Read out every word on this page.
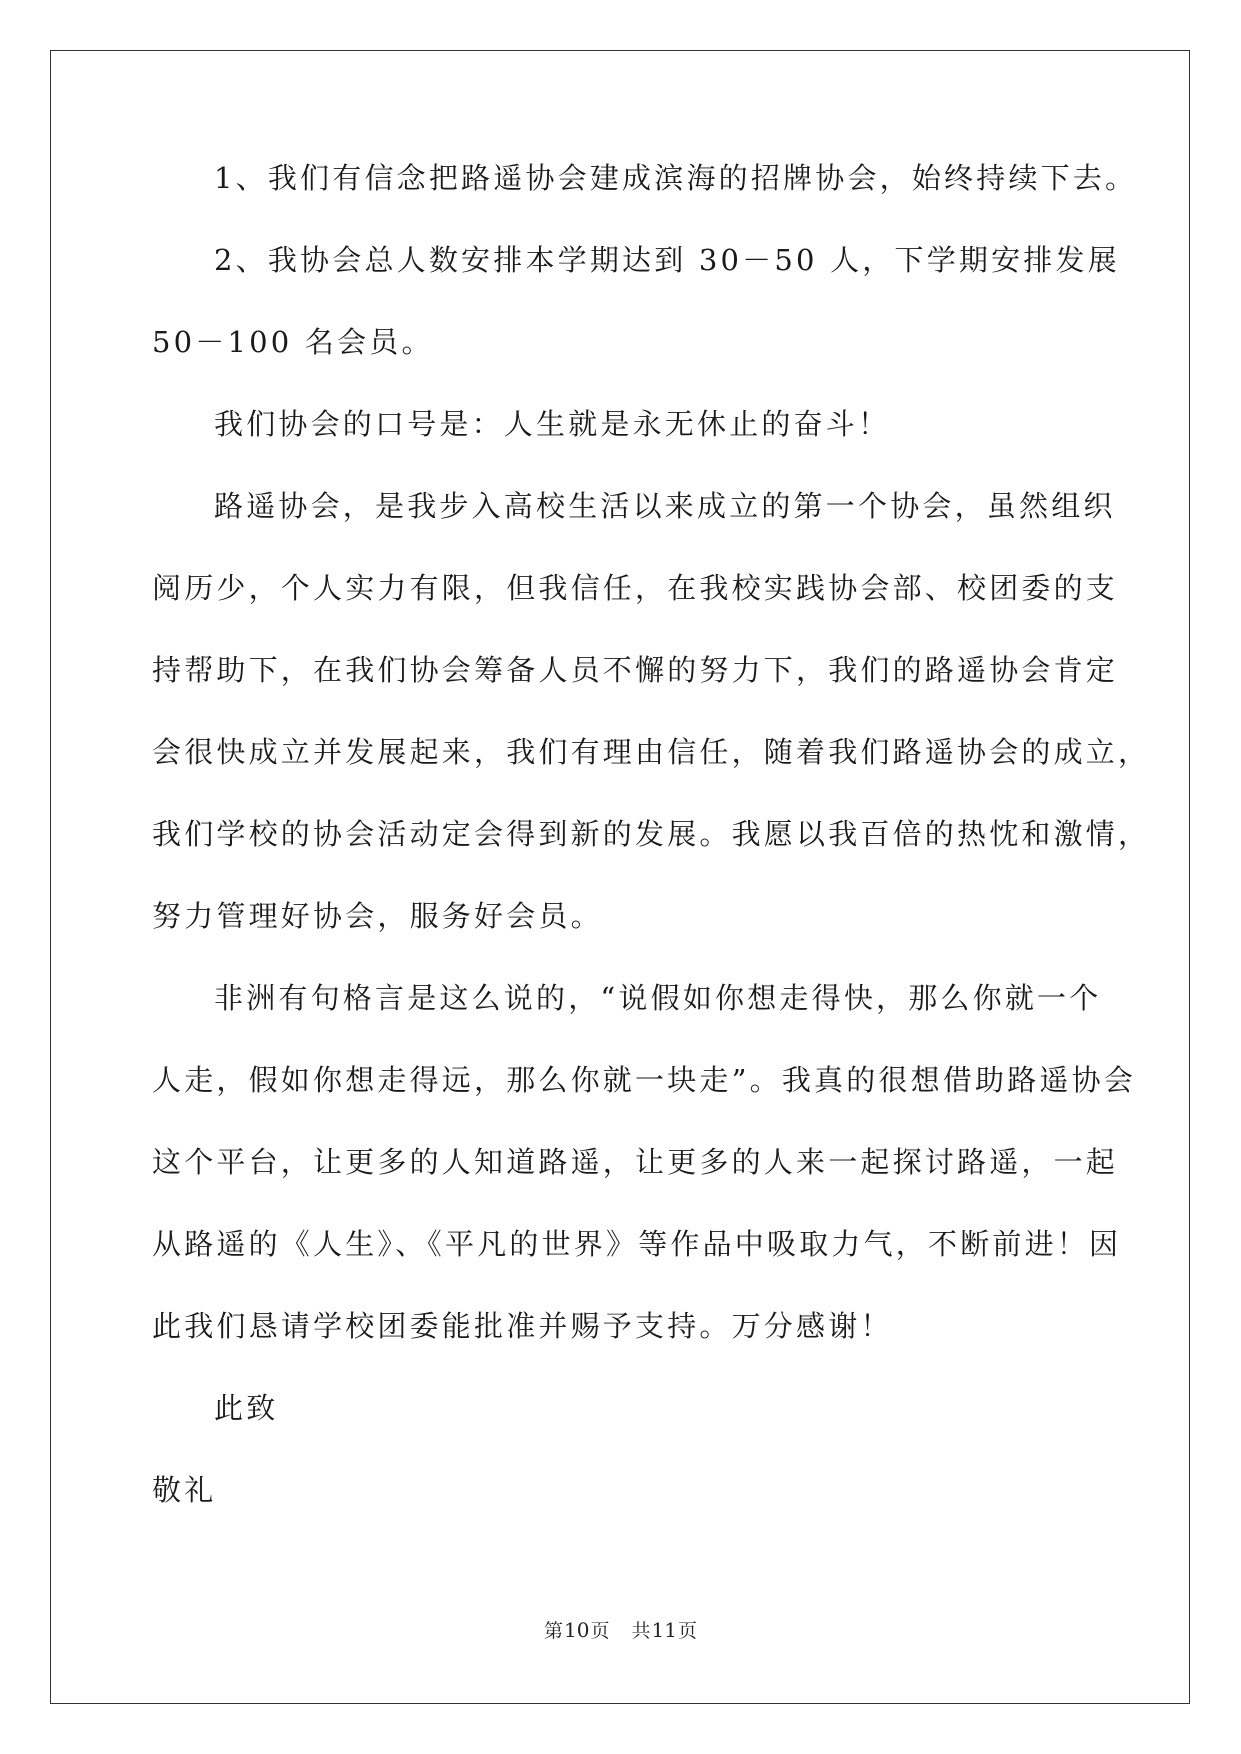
1、我们有信念把路遥协会建成滨海的招牌协会，始终持续下去。
2、我协会总人数安排本学期达到 30－50 人，下学期安排发展
50－100 名会员。
我们协会的口号是：人生就是永无休止的奋斗！
路遥协会，是我步入高校生活以来成立的第一个协会，虽然组织
阅历少，个人实力有限，但我信任，在我校实践协会部、校团委的支
持帮助下，在我们协会筹备人员不懈的努力下，我们的路遥协会肯定
会很快成立并发展起来，我们有理由信任，随着我们路遥协会的成立，
我们学校的协会活动定会得到新的发展。我愿以我百倍的热忱和激情，
努力管理好协会，服务好会员。
非洲有句格言是这么说的，“说假如你想走得快，那么你就一个
人走，假如你想走得远，那么你就一块走”。我真的很想借助路遥协会
这个平台，让更多的人知道路遥，让更多的人来一起探讨路遥，一起
从路遥的《人生》、《平凡的世界》等作品中吸取力气，不断前进！因
此我们恳请学校团委能批准并赐予支持。万分感谢！
此致
敬礼
第10页 共11页
